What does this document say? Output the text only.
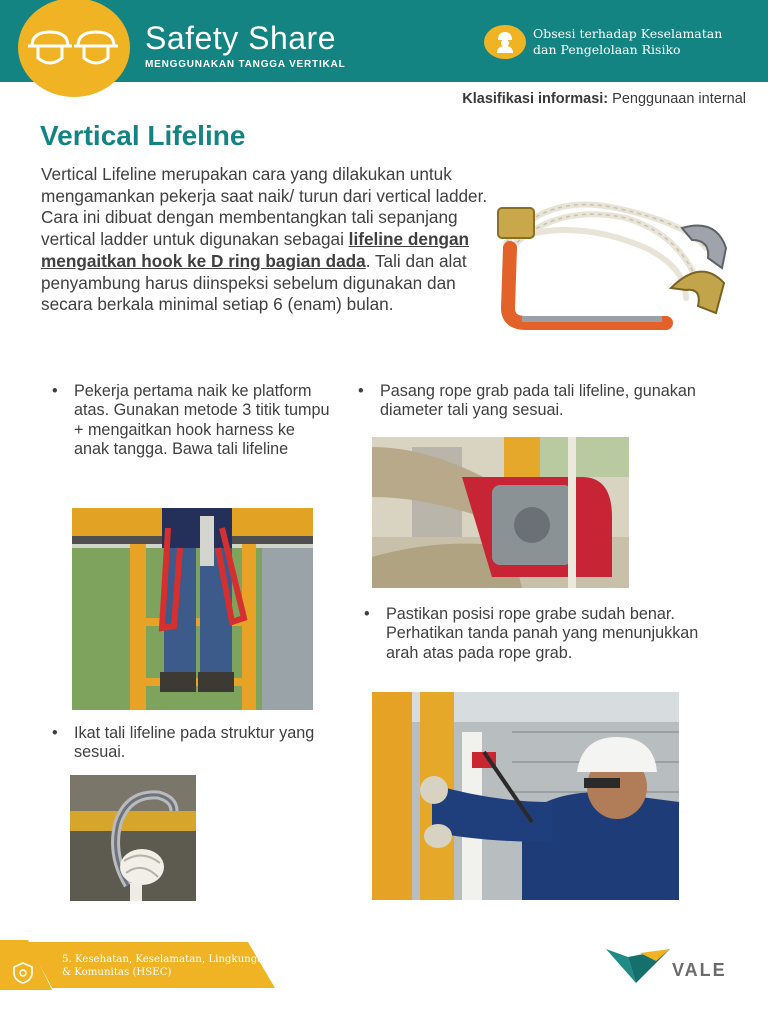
Safety Share
MENGGUNAKAN TANGGA VERTIKAL
Obsesi terhadap Keselamatan
dan Pengelolaan Risiko
Klasifikasi informasi: Penggunaan internal
Vertical Lifeline
Vertical Lifeline merupakan cara yang dilakukan untuk mengamankan pekerja saat naik/ turun dari vertical ladder. Cara ini dibuat dengan membentangkan tali sepanjang vertical ladder untuk digunakan sebagai lifeline dengan mengaitkan hook ke D ring bagian dada. Tali dan alat penyambung harus diinspeksi sebelum digunakan dan secara berkala minimal setiap 6 (enam) bulan.
• Pekerja pertama naik ke platform atas. Gunakan metode 3 titik tumpu + mengaitkan hook harness ke anak tangga. Bawa tali lifeline
• Ikat tali lifeline pada struktur yang sesuai.
• Pasang rope grab pada tali lifeline, gunakan diameter tali yang sesuai.
• Pastikan posisi rope grabe sudah benar. Perhatikan tanda panah yang menunjukkan arah atas pada rope grab.
5. Kesehatan, Keselamatan, Lingkungan & Komunitas (HSEC)	VALE
